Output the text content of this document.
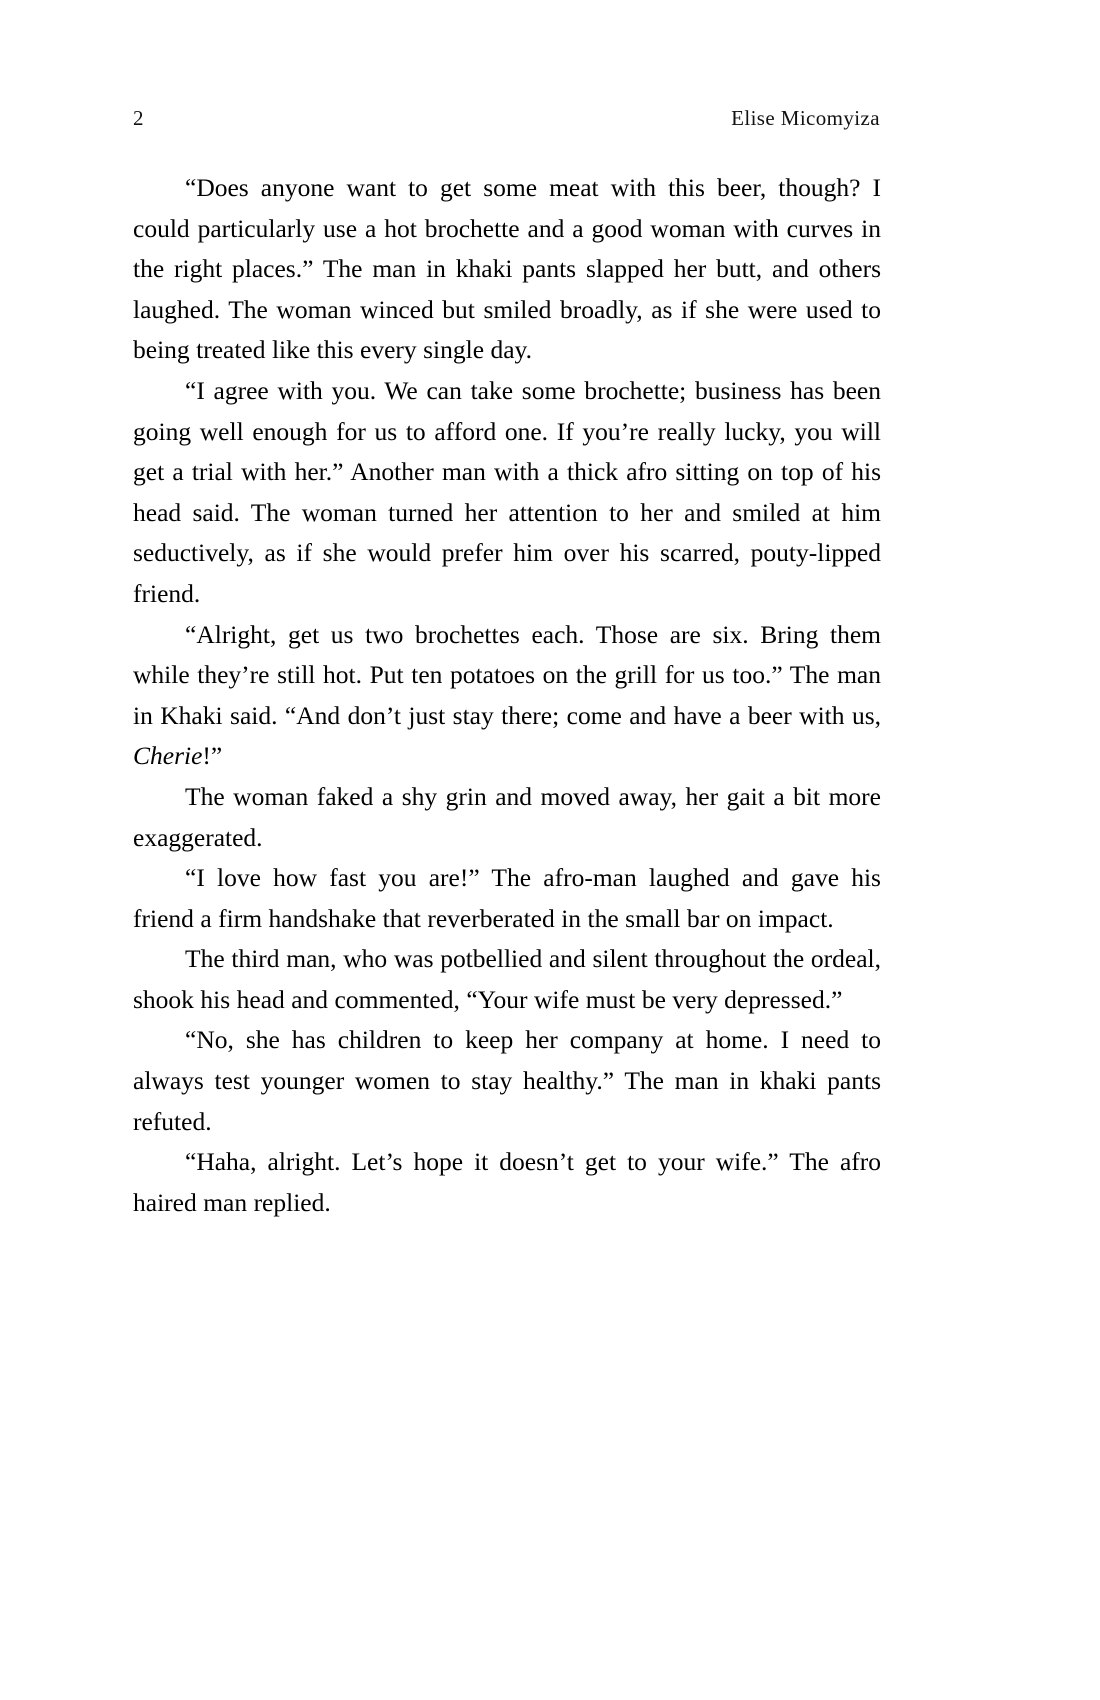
2	Elise Micomyiza

“Does anyone want to get some meat with this beer, though? I could particularly use a hot brochette and a good woman with curves in the right places.” The man in khaki pants slapped her butt, and others laughed. The woman winced but smiled broadly, as if she were used to being treated like this every single day.

“I agree with you. We can take some brochette; business has been going well enough for us to afford one. If you’re really lucky, you will get a trial with her.” Another man with a thick afro sitting on top of his head said. The woman turned her attention to her and smiled at him seductively, as if she would prefer him over his scarred, pouty-lipped friend.

“Alright, get us two brochettes each. Those are six. Bring them while they’re still hot. Put ten potatoes on the grill for us too.” The man in Khaki said. “And don’t just stay there; come and have a beer with us, Cherie!”

The woman faked a shy grin and moved away, her gait a bit more exaggerated.

“I love how fast you are!” The afro-man laughed and gave his friend a firm handshake that reverberated in the small bar on impact.

The third man, who was potbellied and silent throughout the ordeal, shook his head and commented, “Your wife must be very depressed.”

“No, she has children to keep her company at home. I need to always test younger women to stay healthy.” The man in khaki pants refuted.

“Haha, alright. Let’s hope it doesn’t get to your wife.” The afro haired man replied.
